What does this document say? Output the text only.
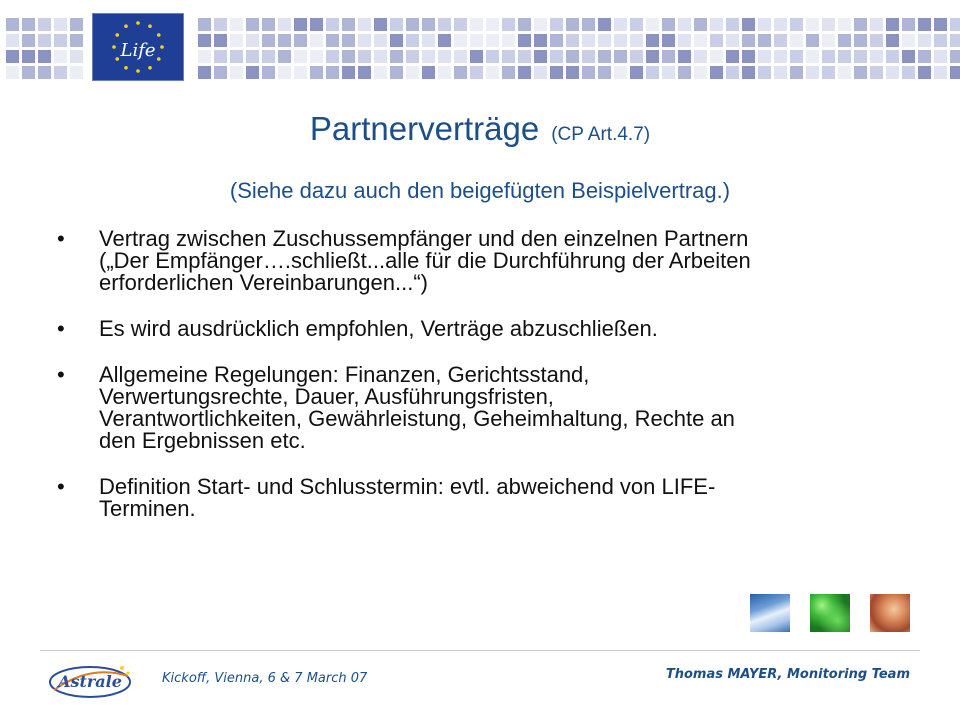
Life
Partnerverträge (CP Art.4.7)
(Siehe dazu auch den beigefügten Beispielvertrag.)
• Vertrag zwischen Zuschussempfänger und den einzelnen Partnern
(„Der Empfänger….schließt...alle für die Durchführung der Arbeiten
erforderlichen Vereinbarungen...“)
• Es wird ausdrücklich empfohlen, Verträge abzuschließen.
• Allgemeine Regelungen: Finanzen, Gerichtsstand,
Verwertungsrechte, Dauer, Ausführungsfristen,
Verantwortlichkeiten, Gewährleistung, Geheimhaltung, Rechte an
den Ergebnissen etc.
• Definition Start- und Schlusstermin: evtl. abweichend von LIFE-
Terminen.
Astrale	Kickoff, Vienna, 6 & 7 March 07	Thomas MAYER, Monitoring Team
